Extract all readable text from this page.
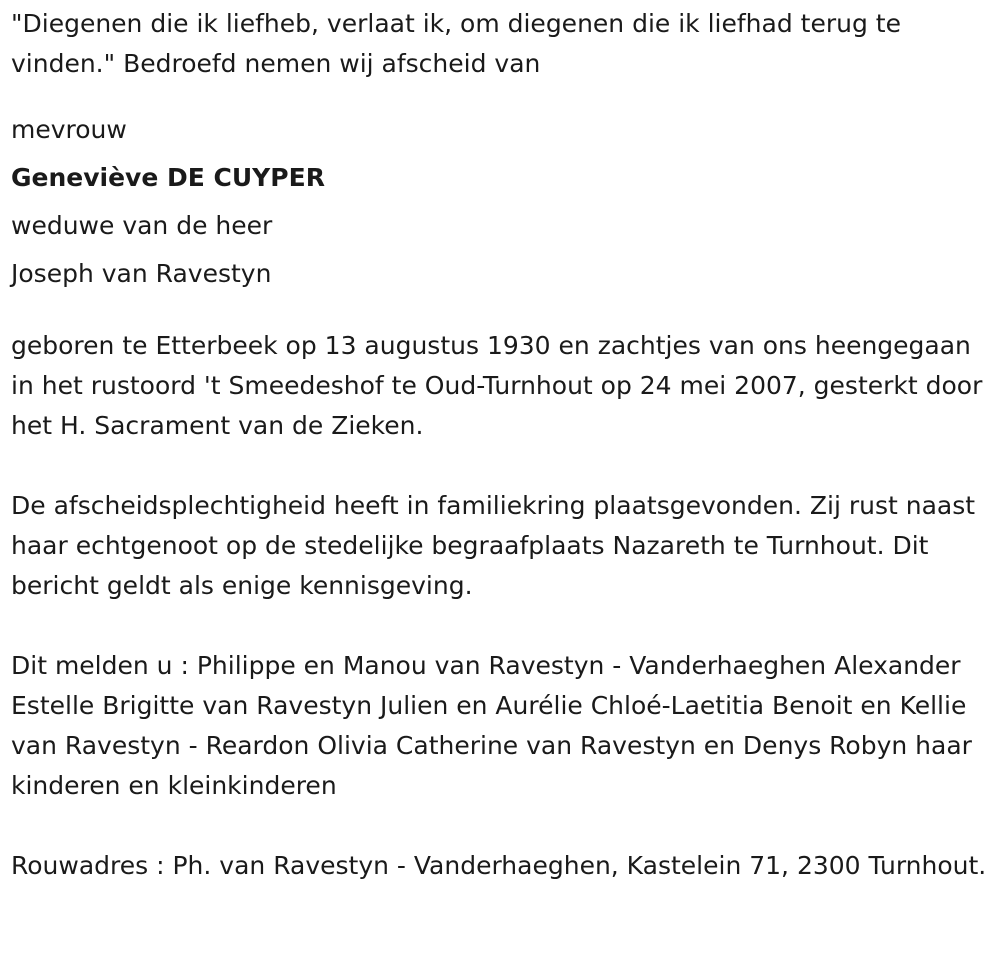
"Diegenen die ik liefheb, verlaat ik, om diegenen die ik liefhad terug te vinden." Bedroefd nemen wij afscheid van

mevrouw
Geneviève DE CUYPER
weduwe van de heer
Joseph van Ravestyn

geboren te Etterbeek op 13 augustus 1930 en zachtjes van ons heengegaan in het rustoord 't Smeedeshof te Oud-Turnhout op 24 mei 2007, gesterkt door het H. Sacrament van de Zieken.

De afscheidsplechtigheid heeft in familiekring plaatsgevonden. Zij rust naast haar echtgenoot op de stedelijke begraafplaats Nazareth te Turnhout. Dit bericht geldt als enige kennisgeving.

Dit melden u : Philippe en Manou van Ravestyn - Vanderhaeghen Alexander Estelle Brigitte van Ravestyn Julien en Aurélie Chloé-Laetitia Benoit en Kellie van Ravestyn - Reardon Olivia Catherine van Ravestyn en Denys Robyn haar kinderen en kleinkinderen

Rouwadres : Ph. van Ravestyn - Vanderhaeghen, Kastelein 71, 2300 Turnhout.
